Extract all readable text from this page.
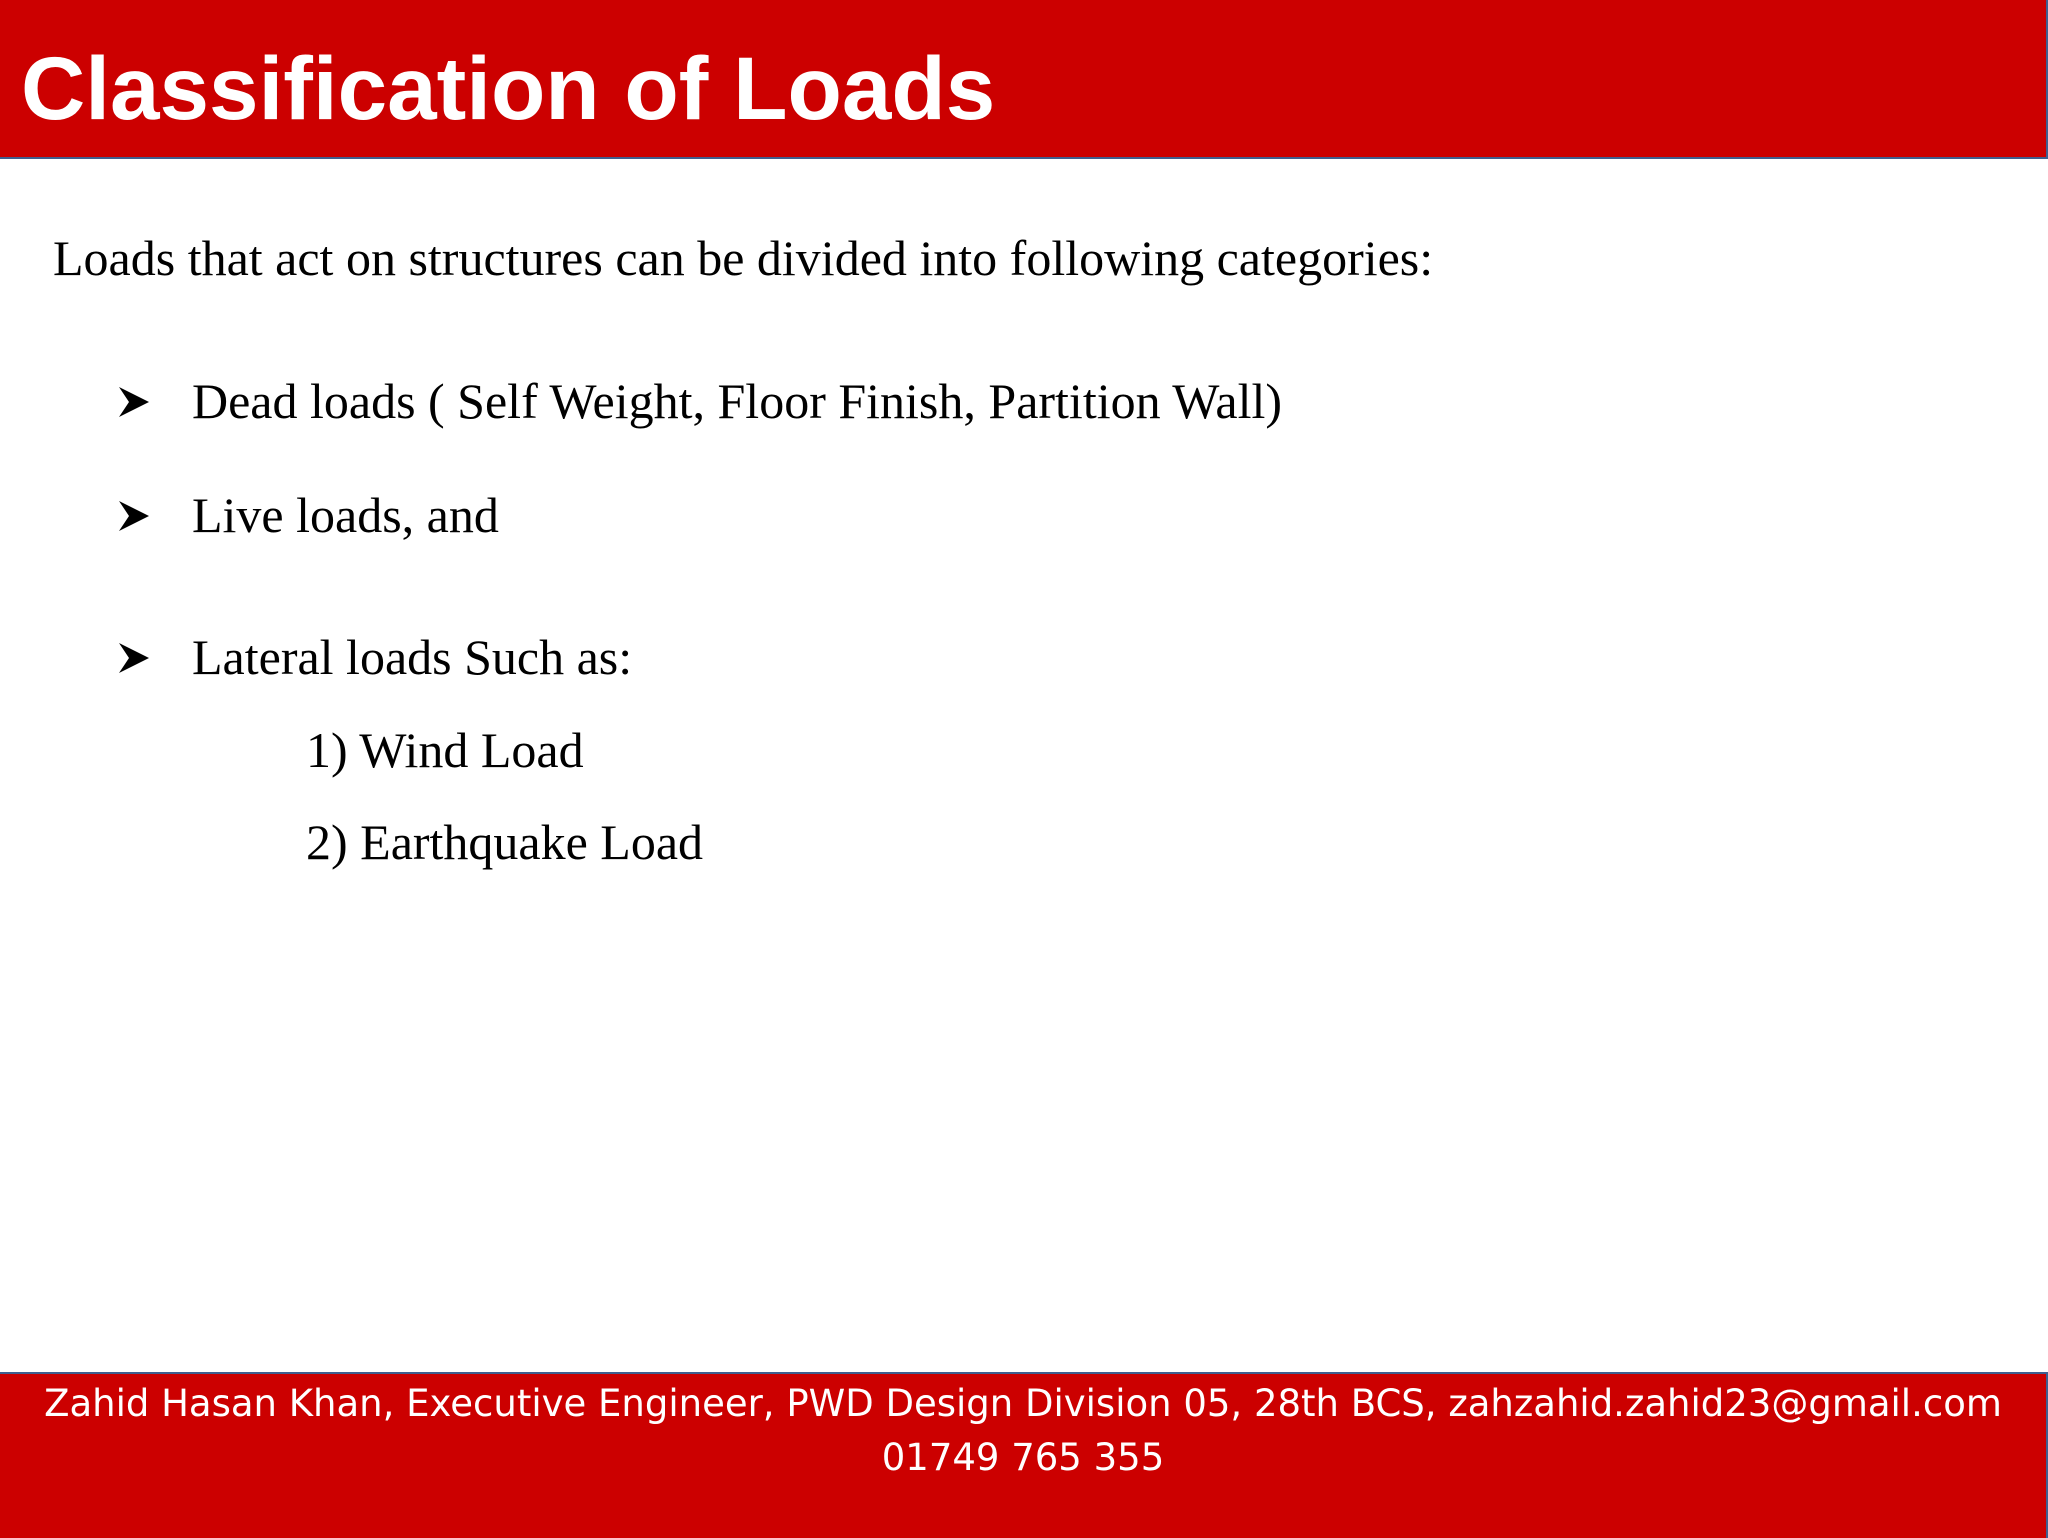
Classification of Loads
Loads that act on structures can be divided into following categories:
Dead loads ( Self Weight, Floor Finish, Partition Wall)
Live loads, and
Lateral loads Such as:
1) Wind Load
2) Earthquake Load
Zahid Hasan Khan, Executive Engineer, PWD Design Division 05, 28th BCS, zahzahid.zahid23@gmail.com
01749 765 355
